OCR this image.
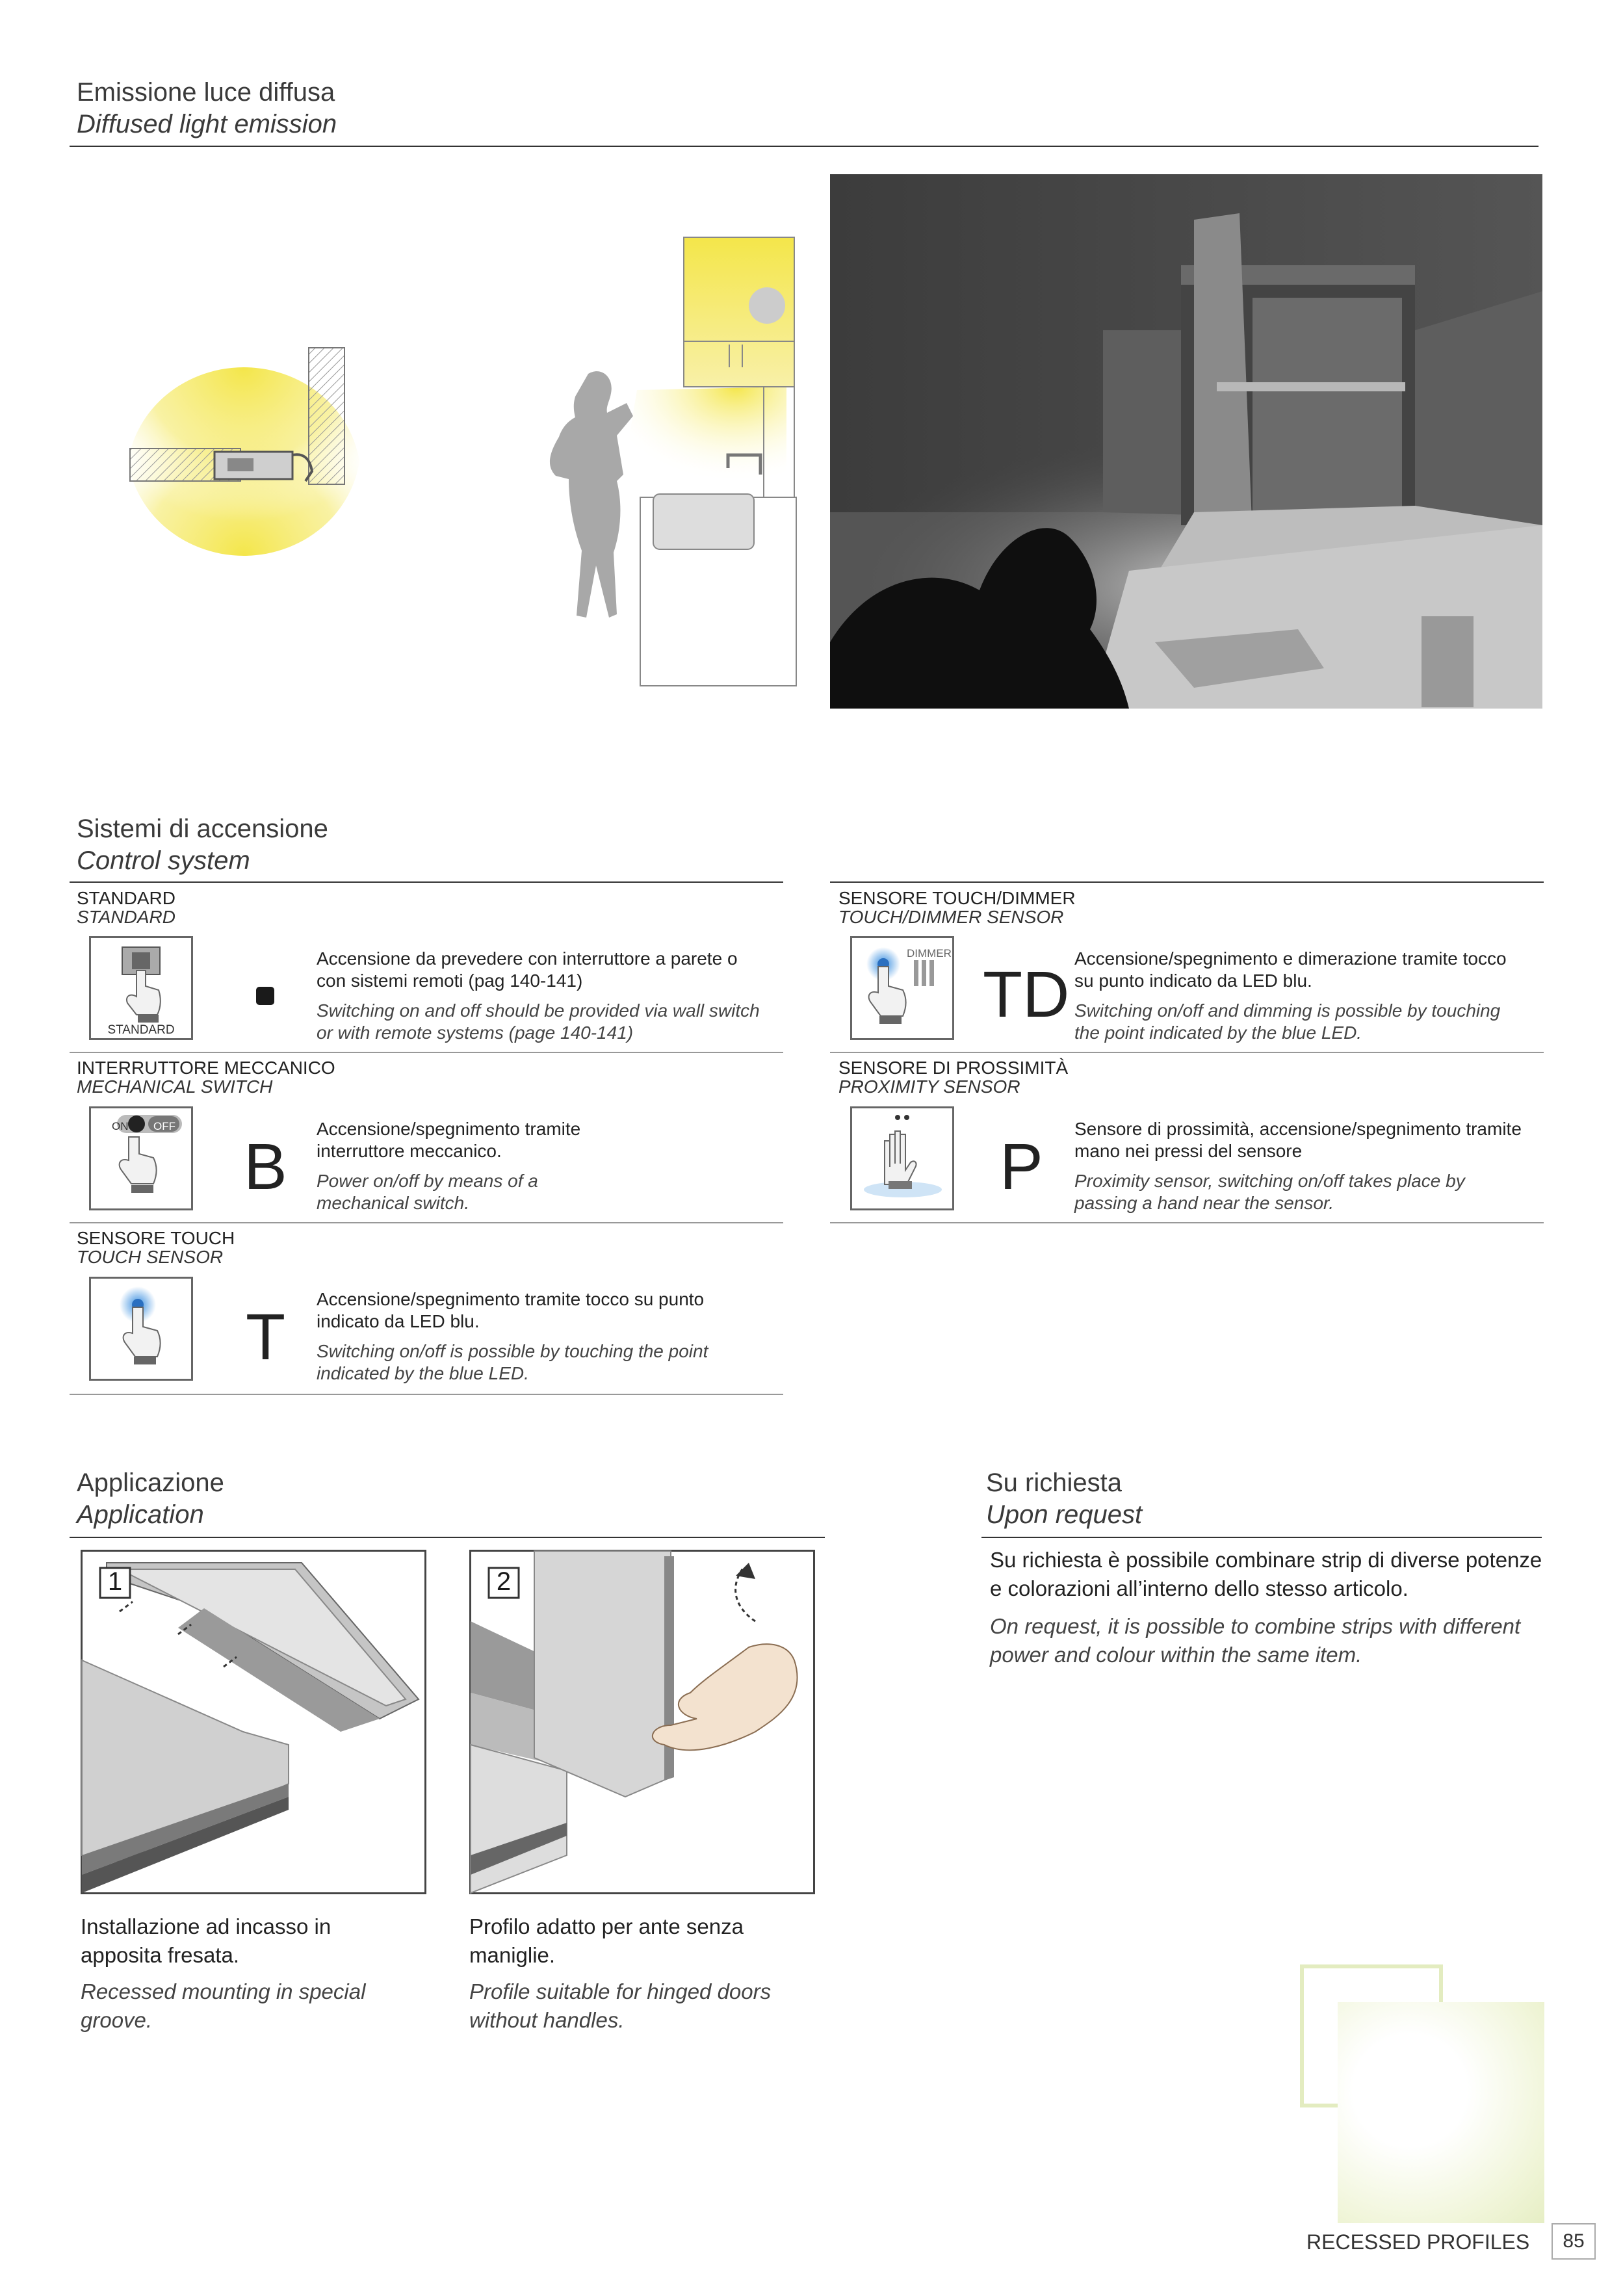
Emissione luce diffusa
Diffused light emission
Sistemi di accensione
Control system
STANDARD
STANDARD
STANDARD
Accensione da prevedere con interruttore a parete o con sistemi remoti (pag 140-141)
Switching on and off should be provided via wall switch or with remote systems (page 140-141)
INTERRUTTORE MECCANICO
MECHANICAL SWITCH
ON OFF
B
Accensione/spegnimento tramite interruttore meccanico.
Power on/off by means of a mechanical switch.
SENSORE TOUCH
TOUCH SENSOR
T
Accensione/spegnimento tramite tocco su punto indicato da LED blu.
Switching on/off is possible by touching the point indicated by the blue LED.
SENSORE TOUCH/DIMMER
TOUCH/DIMMER SENSOR
DIMMER
TD Accensione/spegnimento e dimerazione tramite tocco su punto indicato da LED blu.
Switching on/off and dimming is possible by touching the point indicated by the blue LED.
SENSORE DI PROSSIMITÀ
PROXIMITY SENSOR
P
Sensore di prossimità, accensione/spegnimento tramite mano nei pressi del sensore
Proximity sensor, switching on/off takes place by passing a hand near the sensor.
Applicazione
Application
1	2
Installazione ad incasso in apposita fresata.
Recessed mounting in special groove.
Profilo adatto per ante senza maniglie.
Profile suitable for hinged doors without handles.
Su richiesta
Upon request
Su richiesta è possibile combinare strip di diverse potenze e colorazioni all’interno dello stesso articolo.
On request, it is possible to combine strips with different power and colour within the same item.
RECESSED PROFILES	85
